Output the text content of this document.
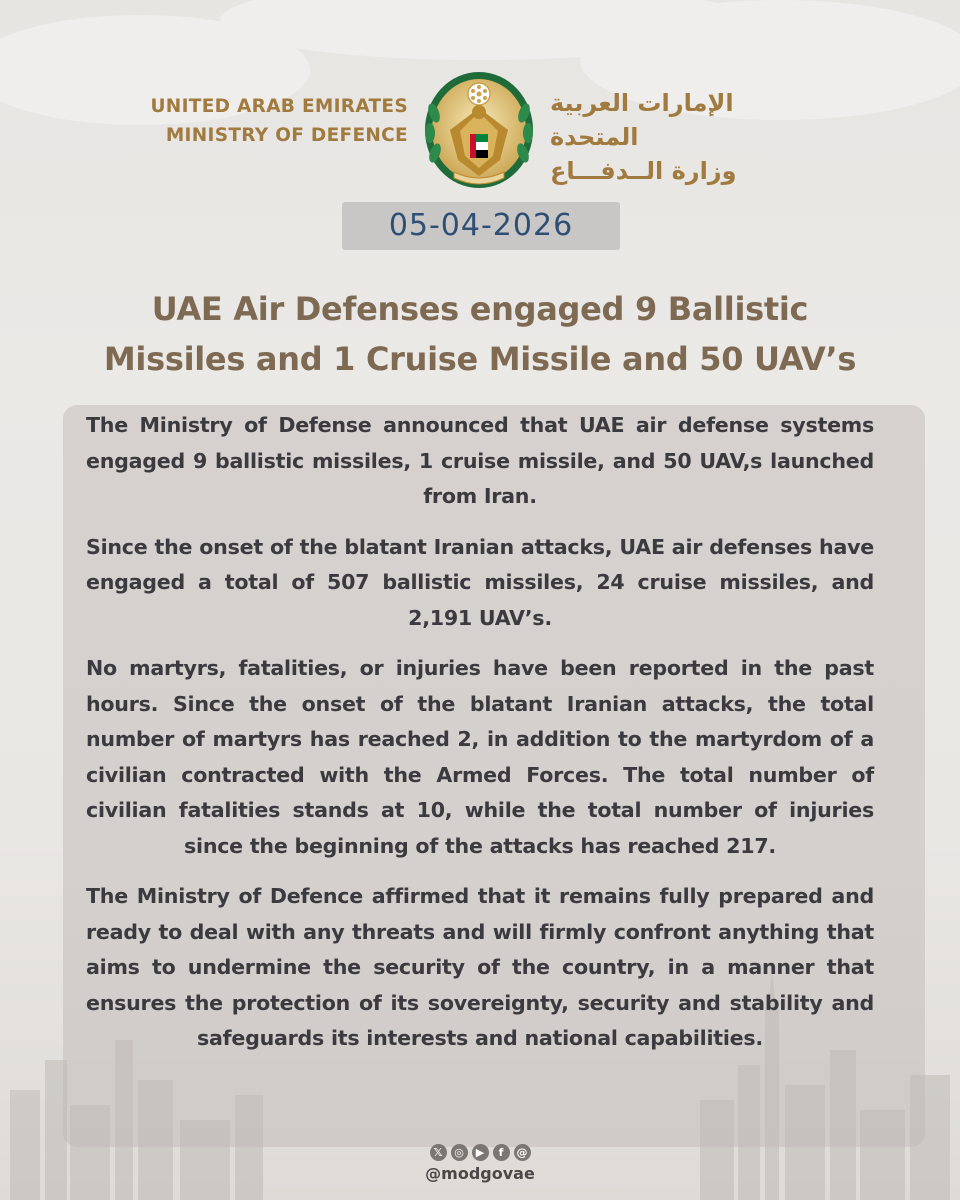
UNITED ARAB EMIRATES
MINISTRY OF DEFENCE
الإمارات العربية المتحدة
وزارة الــدفـــاع
05-04-2026
UAE Air Defenses engaged 9 Ballistic
Missiles and 1 Cruise Missile and 50 UAV’s

The Ministry of Defense announced that UAE air defense systems engaged 9 ballistic missiles, 1 cruise missile, and 50 UAV,s launched from Iran.

Since the onset of the blatant Iranian attacks, UAE air defenses have engaged a total of 507 ballistic missiles, 24 cruise missiles, and 2,191 UAV’s.

No martyrs, fatalities, or injuries have been reported in the past hours. Since the onset of the blatant Iranian attacks, the total number of martyrs has reached 2, in addition to the martyrdom of a civilian contracted with the Armed Forces. The total number of civilian fatalities stands at 10, while the total number of injuries since the beginning of the attacks has reached 217.

The Ministry of Defence affirmed that it remains fully prepared and ready to deal with any threats and will firmly confront anything that aims to undermine the security of the country, in a manner that ensures the protection of its sovereignty, security and stability and safeguards its interests and national capabilities.

𝕏	◎	▶	f	@
@modgovae
